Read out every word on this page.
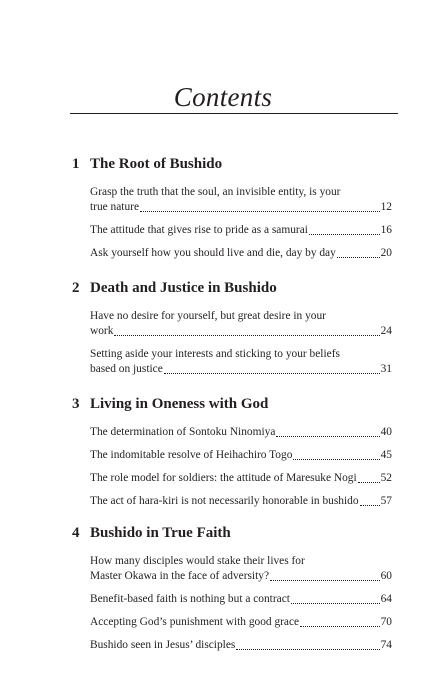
Contents
1 The Root of Bushido
Grasp the truth that the soul, an invisible entity, is your
true nature	12
The attitude that gives rise to pride as a samurai	16
Ask yourself how you should live and die, day by day	20
2 Death and Justice in Bushido
Have no desire for yourself, but great desire in your
work	24
Setting aside your interests and sticking to your beliefs
based on justice	31
3 Living in Oneness with God
The determination of Sontoku Ninomiya	40
The indomitable resolve of Heihachiro Togo	45
The role model for soldiers: the attitude of Maresuke Nogi 52
The act of hara-kiri is not necessarily honorable in bushido 57
4 Bushido in True Faith
How many disciples would stake their lives for
Master Okawa in the face of adversity?	60
Benefit-based faith is nothing but a contract	64
Accepting God’s punishment with good grace	70
Bushido seen in Jesus’ disciples	74
